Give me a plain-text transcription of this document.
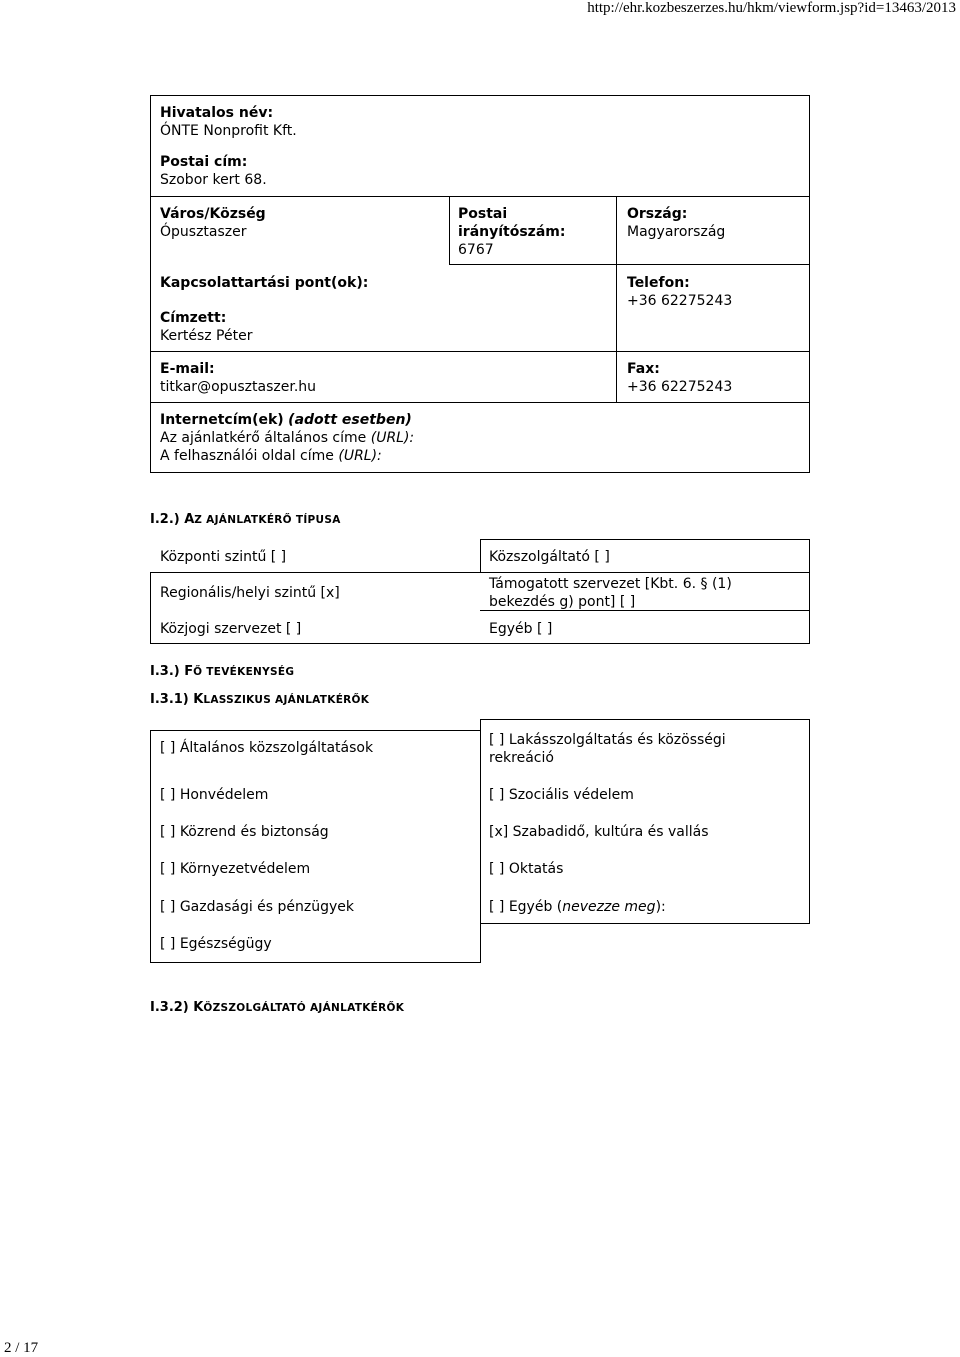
http://ehr.kozbeszerzes.hu/hkm/viewform.jsp?id=13463/2013
2 / 17
Hivatalos név:
ÓNTE Nonprofit Kft.
Postai cím:
Szobor kert 68.
Város/Község
Ópusztaszer
Postai
irányítószám:
6767
Ország:
Magyarország
Kapcsolattartási pont(ok):
Címzett:
Kertész Péter
Telefon:
+36 62275243
E-mail:
titkar@opusztaszer.hu
Fax:
+36 62275243
Internetcím(ek) (adott esetben)
Az ajánlatkérő általános címe (URL):
A felhasználói oldal címe (URL):
I.2.) AZ AJÁNLATKÉRŐ TÍPUSA
Központi szintű [ ]	Közszolgáltató [ ]
Regionális/helyi szintű [x]
Támogatott szervezet [Kbt. 6. § (1)
bekezdés g) pont] [ ]
Közjogi szervezet [ ]	Egyéb [ ]
I.3.) FŐ TEVÉKENYSÉG
I.3.1) KLASSZIKUS AJÁNLATKÉRŐK
[ ] Általános közszolgáltatások
[ ] Honvédelem
[ ] Közrend és biztonság
[ ] Környezetvédelem
[ ] Gazdasági és pénzügyek
[ ] Egészségügy
[ ] Lakásszolgáltatás és közösségi
rekreáció
[ ] Szociális védelem
[x] Szabadidő, kultúra és vallás
[ ] Oktatás
[ ] Egyéb (nevezze meg):
I.3.2) KÖZSZOLGÁLTATÓ AJÁNLATKÉRŐK
